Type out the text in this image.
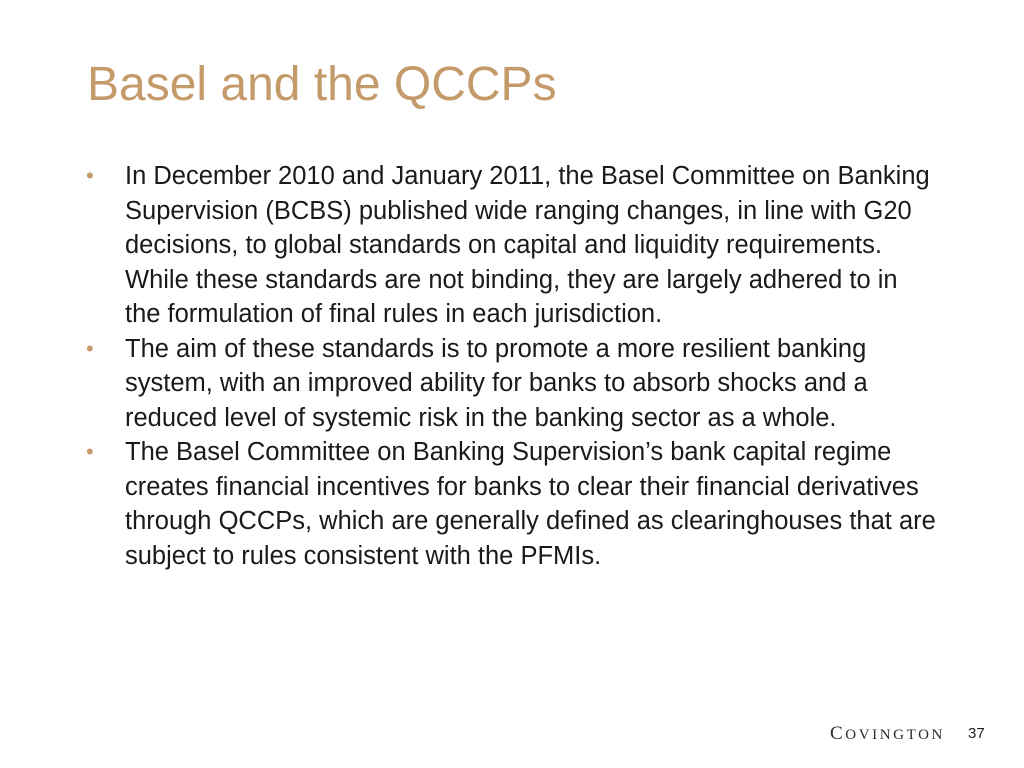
Basel and the QCCPs
•	In December 2010 and January 2011, the Basel Committee on Banking Supervision (BCBS) published wide ranging changes, in line with G20 decisions, to global standards on capital and liquidity requirements. While these standards are not binding, they are largely adhered to in the formulation of final rules in each jurisdiction.
•	The aim of these standards is to promote a more resilient banking system, with an improved ability for banks to absorb shocks and a reduced level of systemic risk in the banking sector as a whole.
•	The Basel Committee on Banking Supervision’s bank capital regime creates financial incentives for banks to clear their financial derivatives through QCCPs, which are generally defined as clearinghouses that are subject to rules consistent with the PFMIs.
COVINGTON 37
